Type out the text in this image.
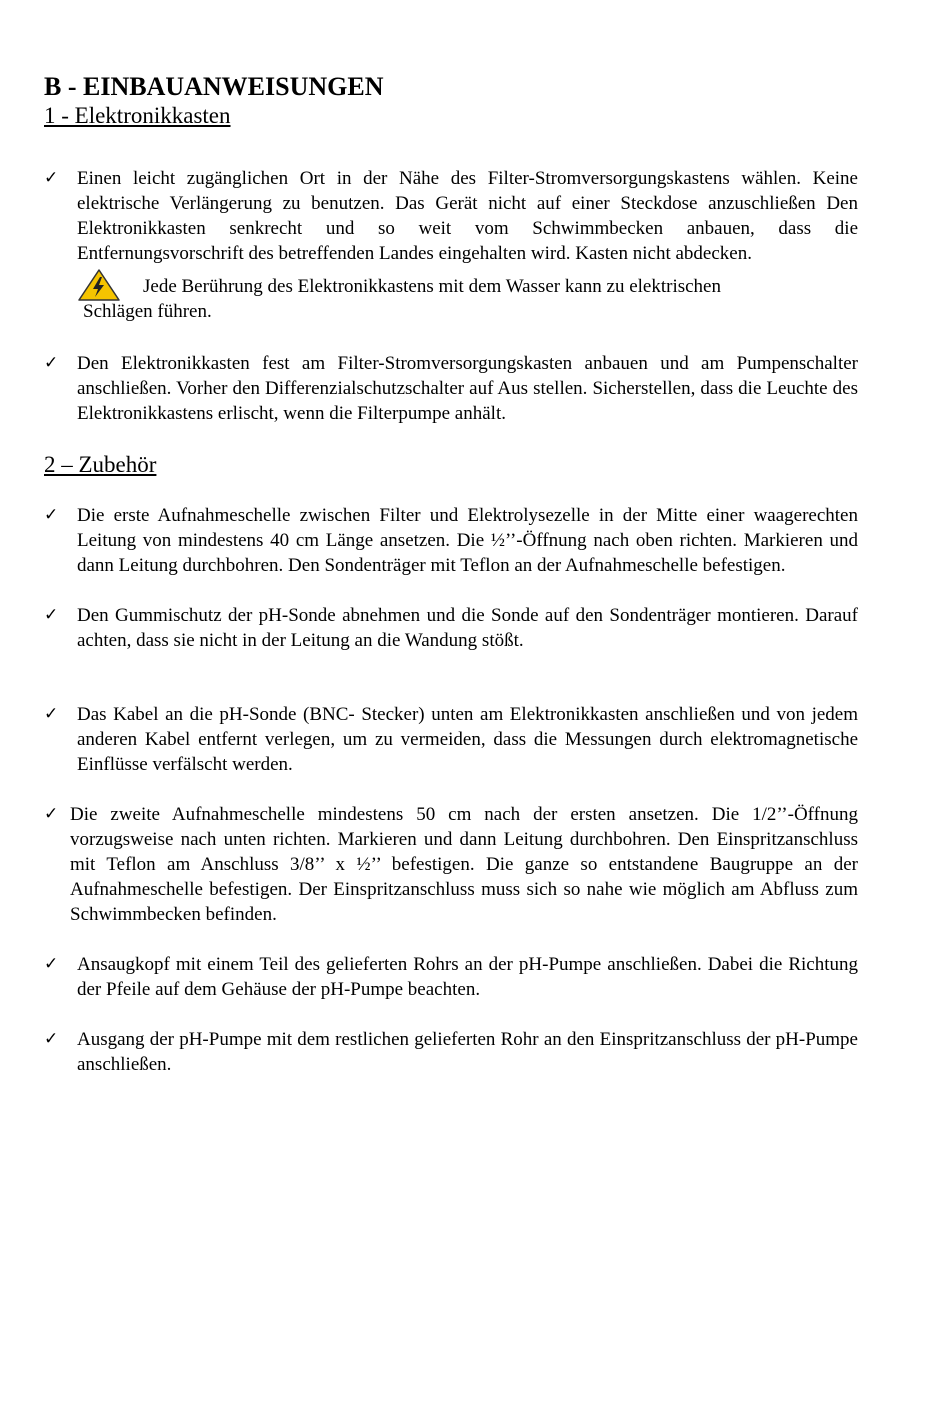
B - EINBAUANWEISUNGEN
1 - Elektronikkasten
✓ Einen leicht zugänglichen Ort in der Nähe des Filter-Stromversorgungskastens wählen. Keine elektrische Verlängerung zu benutzen. Das Gerät nicht auf einer Steckdose anzuschließen Den Elektronikkasten senkrecht und so weit vom Schwimmbecken anbauen, dass die Entfernungsvorschrift des betreffenden Landes eingehalten wird. Kasten nicht abdecken.
Jede Berührung des Elektronikkastens mit dem Wasser kann zu elektrischen
Schlägen führen.
✓ Den Elektronikkasten fest am Filter-Stromversorgungskasten anbauen und am Pumpenschalter anschließen. Vorher den Differenzialschutzschalter auf Aus stellen. Sicherstellen, dass die Leuchte des Elektronikkastens erlischt, wenn die Filterpumpe anhält.
2 – Zubehör
✓ Die erste Aufnahmeschelle zwischen Filter und Elektrolysezelle in der Mitte einer waagerechten Leitung von mindestens 40 cm Länge ansetzen. Die ½’’-Öffnung nach oben richten. Markieren und dann Leitung durchbohren. Den Sondenträger mit Teflon an der Aufnahmeschelle befestigen.
✓ Den Gummischutz der pH-Sonde abnehmen und die Sonde auf den Sondenträger montieren. Darauf achten, dass sie nicht in der Leitung an die Wandung stößt.
✓ Das Kabel an die pH-Sonde (BNC- Stecker) unten am Elektronikkasten anschließen und von jedem anderen Kabel entfernt verlegen, um zu vermeiden, dass die Messungen durch elektromagnetische Einflüsse verfälscht werden.
✓ Die zweite Aufnahmeschelle mindestens 50 cm nach der ersten ansetzen. Die 1/2’’-Öffnung vorzugsweise nach unten richten. Markieren und dann Leitung durchbohren. Den Einspritzanschluss mit Teflon am Anschluss 3/8’’ x ½’’ befestigen. Die ganze so entstandene Baugruppe an der Aufnahmeschelle befestigen. Der Einspritzanschluss muss sich so nahe wie möglich am Abfluss zum Schwimmbecken befinden.
✓ Ansaugkopf mit einem Teil des gelieferten Rohrs an der pH-Pumpe anschließen. Dabei die Richtung der Pfeile auf dem Gehäuse der pH-Pumpe beachten.
✓ Ausgang der pH-Pumpe mit dem restlichen gelieferten Rohr an den Einspritzanschluss der pH-Pumpe anschließen.
